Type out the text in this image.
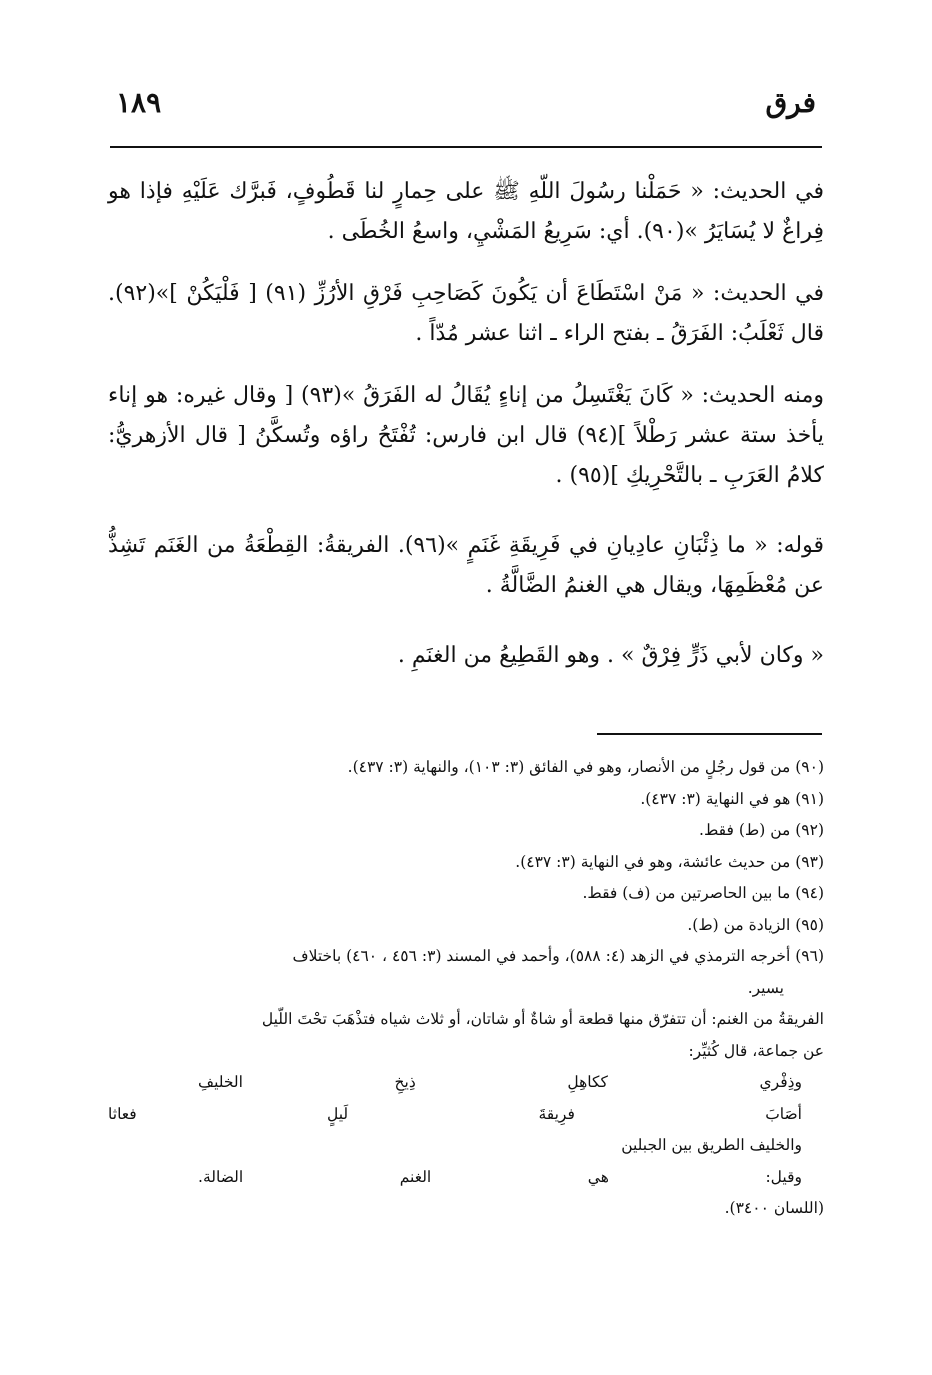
فرق
١٨٩

في الحديث: « حَمَلْنا رسُولَ اللّهِ ﷺ على حِمارٍ لنا قَطُوفٍ، فَبرَّك عَلَيْهِ فإذا هو فِراغٌ لا يُسَايَرُ »(٩٠). أي: سَرِيعُ المَشْيِ، واسعُ الخُطَى .

في الحديث: « مَنْ اسْتَطَاعَ أن يَكُونَ كَصَاحِبِ فَرْقِ الأرُزِّ (٩١) [ فَلْيَكُنْ ]»(٩٢). قال ثَعْلَبُ: الفَرَقُ ـ بفتح الراء ـ اثنا عشر مُدّاً .

ومنه الحديث: « كَانَ يَغْتَسِلُ من إناءٍ يُقَالُ له الفَرَقُ »(٩٣) [ وقال غيره: هو إناء يأخذ ستة عشر رَطْلاً ](٩٤) قال ابن فارس: تُفْتَحُ راؤه وتُسكَّنُ [ قال الأزهريُّ: كلامُ العَرَبِ ـ بالتَّحْرِيكِ ](٩٥) .

قوله: « ما ذِئْبَانِ عادِيانِ في فَرِيقَةِ غَنَمٍ »(٩٦). الفريقةُ: القِطْعَةُ من الغَنَم تَشِذُّ عن مُعْظَمِهَا، ويقال هي الغنمُ الضَّالَّةُ .

« وكان لأبي ذَرٍّ فِرْقٌ » . وهو القَطِيعُ من الغنَمِ .

(٩٠) من قول رجُلٍ من الأنصار، وهو في الفائق (٣: ١٠٣)، والنهاية (٣: ٤٣٧).

(٩١) هو في النهاية (٣: ٤٣٧).

(٩٢) من (ط) فقط.

(٩٣) من حديث عائشة، وهو في النهاية (٣: ٤٣٧).

(٩٤) ما بين الحاصرتين من (ف) فقط.

(٩٥) الزيادة من (ط).

(٩٦) أخرجه الترمذي في الزهد (٤: ٥٨٨)، وأحمد في المسند (٣: ٤٥٦ ، ٤٦٠) باختلاف

يسير.

الفريقةُ من الغنم: أن تتفرّق منها قطعة أو شاةٌ أو شاتان، أو ثلاث شياه فتذْهَبَ تحْتَ اللّيل

عن جماعة، قال كُثيِّر:

وذِفْري
ككاهِلِ
ذِيخِ
الخليفِ
أصَابَ
فرِيقةَ
لَيلٍ
فعاثا
والخليف الطريق بين الجبلين
وقيل:
هي
الغنم
الضالة.

(اللسان ٣٤٠٠).
